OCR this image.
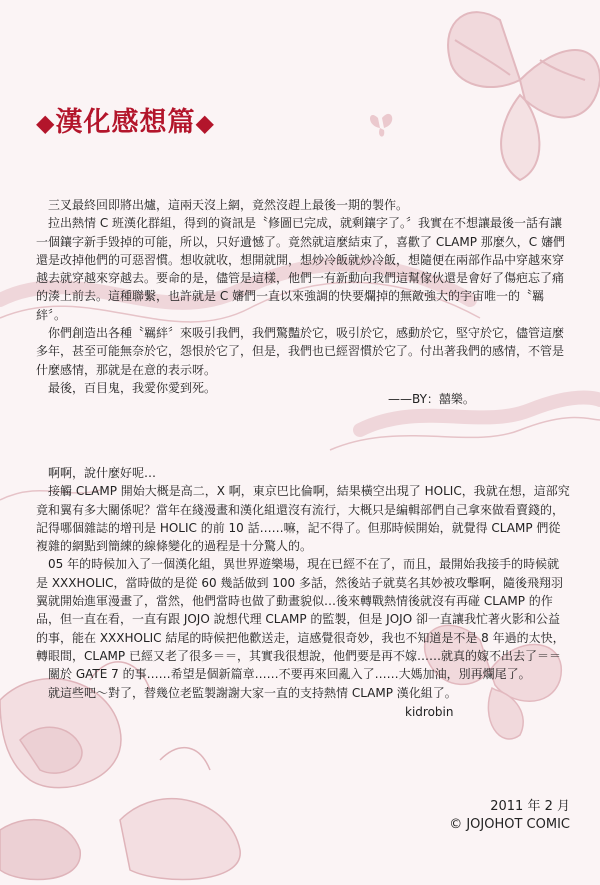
◆漢化感想篇◆

三叉最終回即將出爐，這兩天沒上網，竟然沒趕上最後一期的製作。

拉出熱情 C 班漢化群組，得到的資訊是〝修圖已完成，就剩鑲字了。〞我實在不想讓最後一話有讓一個鑲字新手毀掉的可能，所以，只好遺憾了。竟然就這麼結束了，喜歡了 CLAMP 那麼久，C 嬸們還是改掉他們的可惡習慣。想收就收，想開就開，想炒冷飯就炒冷飯，想隨便在兩部作品中穿越來穿越去就穿越來穿越去。要命的是，儘管是這樣，他們一有新動向我們這幫傢伙還是會好了傷疤忘了痛的湊上前去。這種聯繫，也許就是 C 嬸們一直以來強調的快要爛掉的無敵強大的宇宙唯一的〝羈絆〞。

你們創造出各種〝羈絆〞來吸引我們，我們驚豔於它，吸引於它，感動於它，堅守於它，儘管這麼多年，甚至可能無奈於它，怨恨於它了，但是，我們也已經習慣於它了。付出著我們的感情，不管是什麼感情，那就是在意的表示呀。

最後，百目鬼，我愛你愛到死。

——BY：囍樂。

啊啊，說什麼好呢…

接觸 CLAMP 開始大概是高二，X 啊，東京巴比倫啊，結果橫空出現了 HOLIC，我就在想，這部究竟和翼有多大關係呢？當年在綫漫畫和漢化組還沒有流行，大概只是編輯部們自己拿來做看賣錢的，記得哪個雜誌的增刊是 HOLIC 的前 10 話……嘛，記不得了。但那時候開始，就覺得 CLAMP 們從複雜的網點到簡練的線條變化的過程是十分驚人的。

05 年的時候加入了一個漢化組，異世界遊樂場，現在已經不在了，而且，最開始我接手的時候就是 XXXHOLIC，當時做的是從 60 幾話做到 100 多話，然後站子就莫名其妙被攻擊啊，隨後飛翔羽翼就開始進軍漫畫了，當然，他們當時也做了動畫貌似…後來轉戰熱情後就沒有再碰 CLAMP 的作品，但一直在看，一直有跟 JOJO 說想代理 CLAMP 的監製，但是 JOJO 卻一直讓我忙著火影和公益的事，能在 XXXHOLIC 結尾的時候把他歡送走，這感覺很奇妙，我也不知道是不是 8 年過的太快，轉眼間，CLAMP 已經又老了很多＝＝，其實我很想說，他們要是再不嫁……就真的嫁不出去了＝＝

關於 GATE 7 的事……希望是個新篇章……不要再來回亂入了……大媽加油，別再爛尾了。

就這些吧～對了，替幾位老監製謝謝大家一直的支持熱情 CLAMP 漢化組了。

kidrobin
2011 年 2 月
© JOJOHOT COMIC
